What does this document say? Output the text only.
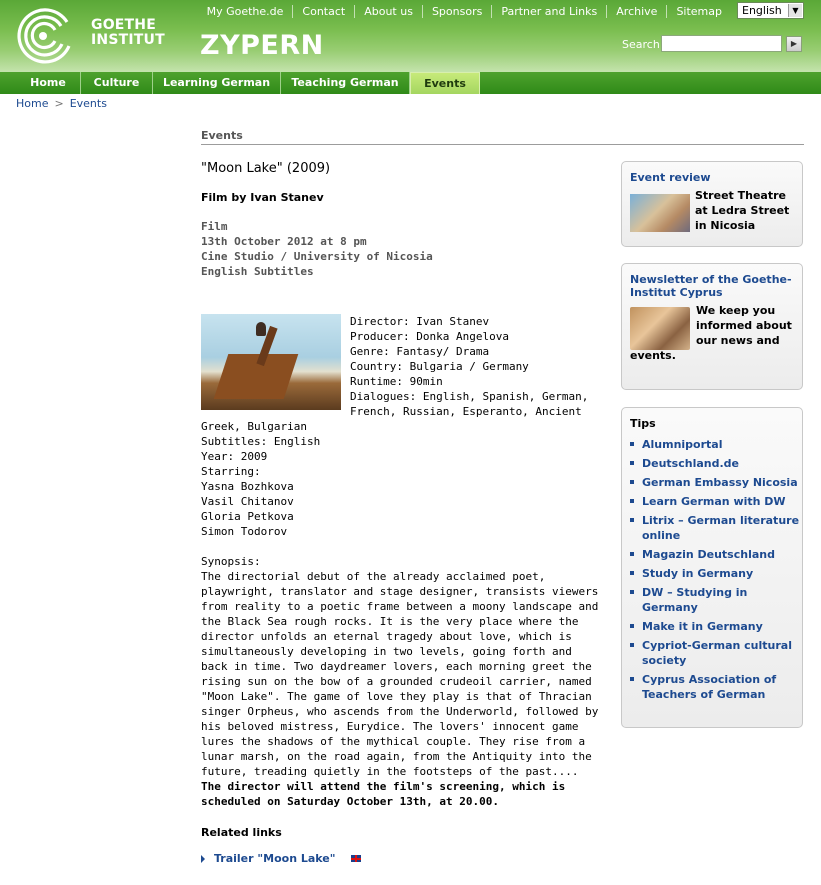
GOETHE
INSTITUT ZYPERN
My Goethe.de	Contact	About us	Sponsors	Partner and Links	Archive	Sitemap	English	▼
Search	▶
Home	Culture	Learning German	Teaching German	Events
Home > Events
Events
"Moon Lake" (2009)
Film by Ivan Stanev
Film
13th October 2012 at 8 pm
Cine Studio / University of Nicosia
English Subtitles
Director: Ivan Stanev
Producer: Donka Angelova
Genre: Fantasy/ Drama
Country: Bulgaria / Germany
Runtime: 90min
Dialogues: English, Spanish, German, French, Russian, Esperanto, Ancient Greek, Bulgarian
Subtitles: English
Year: 2009
Starring:
Yasna Bozhkova
Vasil Chitanov
Gloria Petkova
Simon Todorov
Synopsis:
The directorial debut of the already acclaimed poet, playwright, translator and stage designer, transists viewers from reality to a poetic frame between a moony landscape and the Black Sea rough rocks. It is the very place where the director unfolds an eternal tragedy about love, which is simultaneously developing in two levels, going forth and back in time. Two daydreamer lovers, each morning greet the rising sun on the bow of a grounded crudeoil carrier, named "Moon Lake". The game of love they play is that of Thracian singer Orpheus, who ascends from the Underworld, followed by his beloved mistress, Eurydice. The lovers' innocent game lures the shadows of the mythical couple. They rise from a lunar marsh, on the road again, from the Antiquity into the future, treading quietly in the footsteps of the past.... The director will attend the film's screening, which is scheduled on Saturday October 13th, at 20.00.
Related links
Trailer "Moon Lake"
Event review
Street Theatre at Ledra Street in Nicosia
Newsletter of the Goethe-Institut Cyprus
We keep you informed about our news and
events.
Tips
Alumniportal
Deutschland.de
German Embassy Nicosia
Learn German with DW
Litrix – German literature online
Magazin Deutschland
Study in Germany
DW – Studying in Germany
Make it in Germany
Cypriot-German cultural society
Cyprus Association of Teachers of German
